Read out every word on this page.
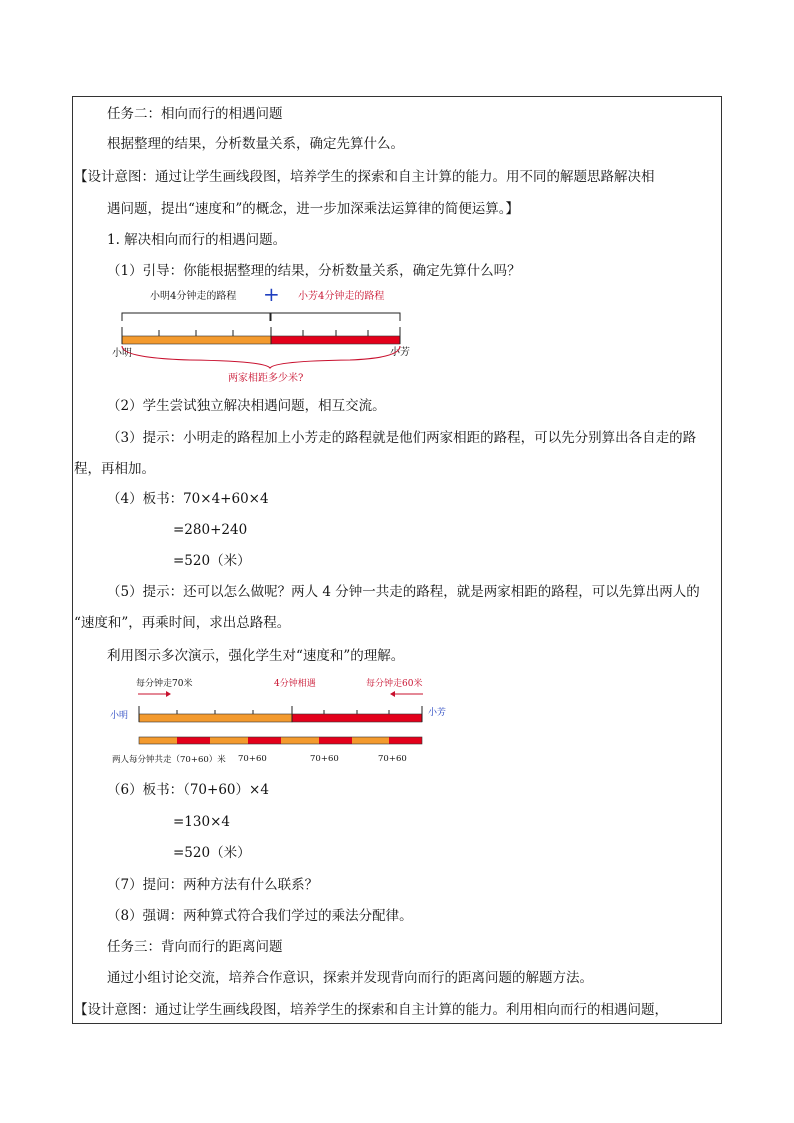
任务二：相向而行的相遇问题
根据整理的结果，分析数量关系，确定先算什么。
【设计意图：通过让学生画线段图，培养学生的探索和自主计算的能力。用不同的解题思路解决相
遇问题，提出“速度和”的概念，进一步加深乘法运算律的简便运算。】
1. 解决相向而行的相遇问题。
（1）引导：你能根据整理的结果，分析数量关系，确定先算什么吗？
小明4分钟走的路程 + 小芳4分钟走的路程
小明	小芳
两家相距多少米?
（2）学生尝试独立解决相遇问题，相互交流。
（3）提示：小明走的路程加上小芳走的路程就是他们两家相距的路程，可以先分别算出各自走的路
程，再相加。
（4）板书：70×4+60×4
=280+240
=520（米）
（5）提示：还可以怎么做呢？两人 4 分钟一共走的路程，就是两家相距的路程，可以先算出两人的
“速度和”，再乘时间，求出总路程。
利用图示多次演示，强化学生对“速度和”的理解。
每分钟走70米	4分钟相遇	每分钟走60米
小明	小芳
两人每分钟共走（70+60）米 70+60	70+60	70+60
（6）板书：（70+60）×4
=130×4
=520（米）
（7）提问：两种方法有什么联系？
（8）强调：两种算式符合我们学过的乘法分配律。
任务三：背向而行的距离问题
通过小组讨论交流，培养合作意识，探索并发现背向而行的距离问题的解题方法。
【设计意图：通过让学生画线段图，培养学生的探索和自主计算的能力。利用相向而行的相遇问题，
